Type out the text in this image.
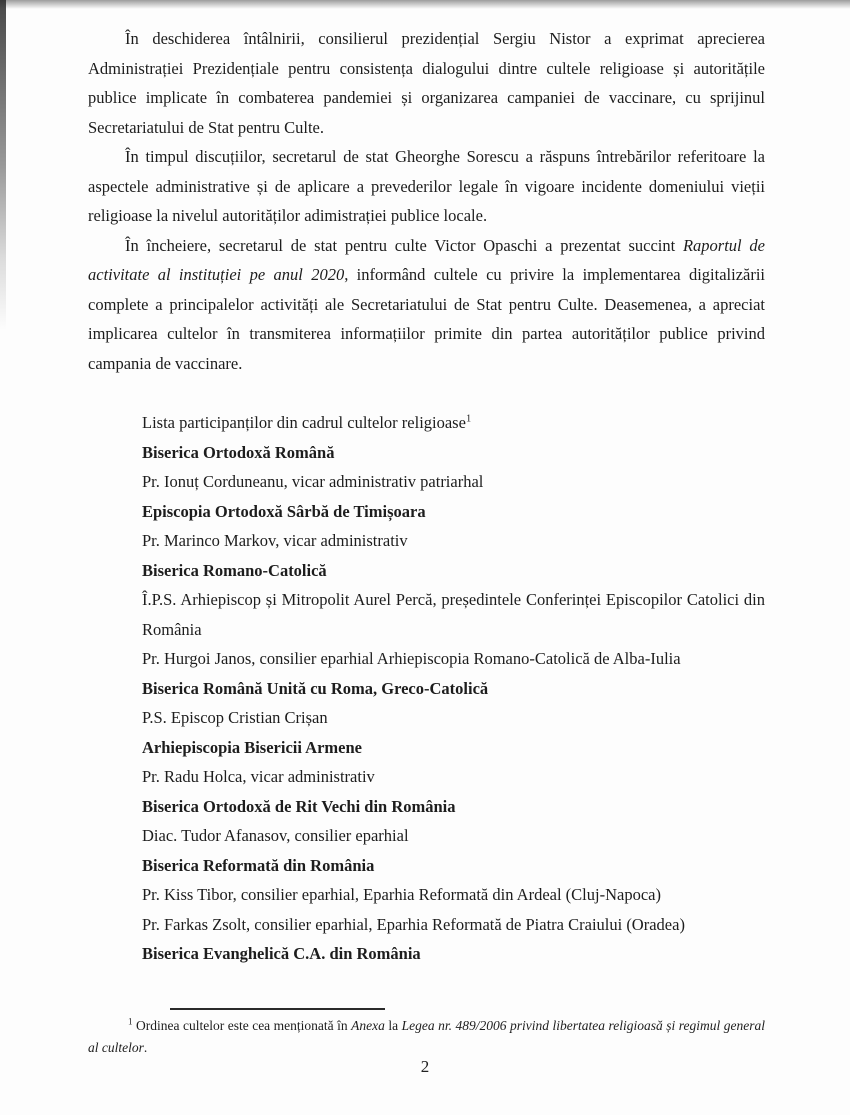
În deschiderea întâlnirii, consilierul prezidențial Sergiu Nistor a exprimat aprecierea Administrației Prezidențiale pentru consistența dialogului dintre cultele religioase și autoritățile publice implicate în combaterea pandemiei și organizarea campaniei de vaccinare, cu sprijinul Secretariatului de Stat pentru Culte.

În timpul discuțiilor, secretarul de stat Gheorghe Sorescu a răspuns întrebărilor referitoare la aspectele administrative și de aplicare a prevederilor legale în vigoare incidente domeniului vieții religioase la nivelul autorităților adimistrației publice locale.

În încheiere, secretarul de stat pentru culte Victor Opaschi a prezentat succint Raportul de activitate al instituției pe anul 2020, informând cultele cu privire la implementarea digitalizării complete a principalelor activități ale Secretariatului de Stat pentru Culte. Deasemenea, a apreciat implicarea cultelor în transmiterea informațiilor primite din partea autorităților publice privind campania de vaccinare.

Lista participanților din cadrul cultelor religioase$^1$
Biserica Ortodoxă Română
Pr. Ionuț Corduneanu, vicar administrativ patriarhal
Episcopia Ortodoxă Sârbă de Timișoara
Pr. Marinco Markov, vicar administrativ
Biserica Romano-Catolică
Î.P.S. Arhiepiscop și Mitropolit Aurel Percă, președintele Conferinței Episcopilor Catolici din România
Pr. Hurgoi Janos, consilier eparhial Arhiepiscopia Romano-Catolică de Alba-Iulia
Biserica Română Unită cu Roma, Greco-Catolică
P.S. Episcop Cristian Crișan
Arhiepiscopia Bisericii Armene
Pr. Radu Holca, vicar administrativ
Biserica Ortodoxă de Rit Vechi din România
Diac. Tudor Afanasov, consilier eparhial
Biserica Reformată din România
Pr. Kiss Tibor, consilier eparhial, Eparhia Reformată din Ardeal (Cluj-Napoca)
Pr. Farkas Zsolt, consilier eparhial, Eparhia Reformată de Piatra Craiului (Oradea)
Biserica Evanghelică C.A. din România

$^1$ Ordinea cultelor este cea menționată în Anexa la Legea nr. 489/2006 privind libertatea religioasă și regimul general al cultelor.

2
